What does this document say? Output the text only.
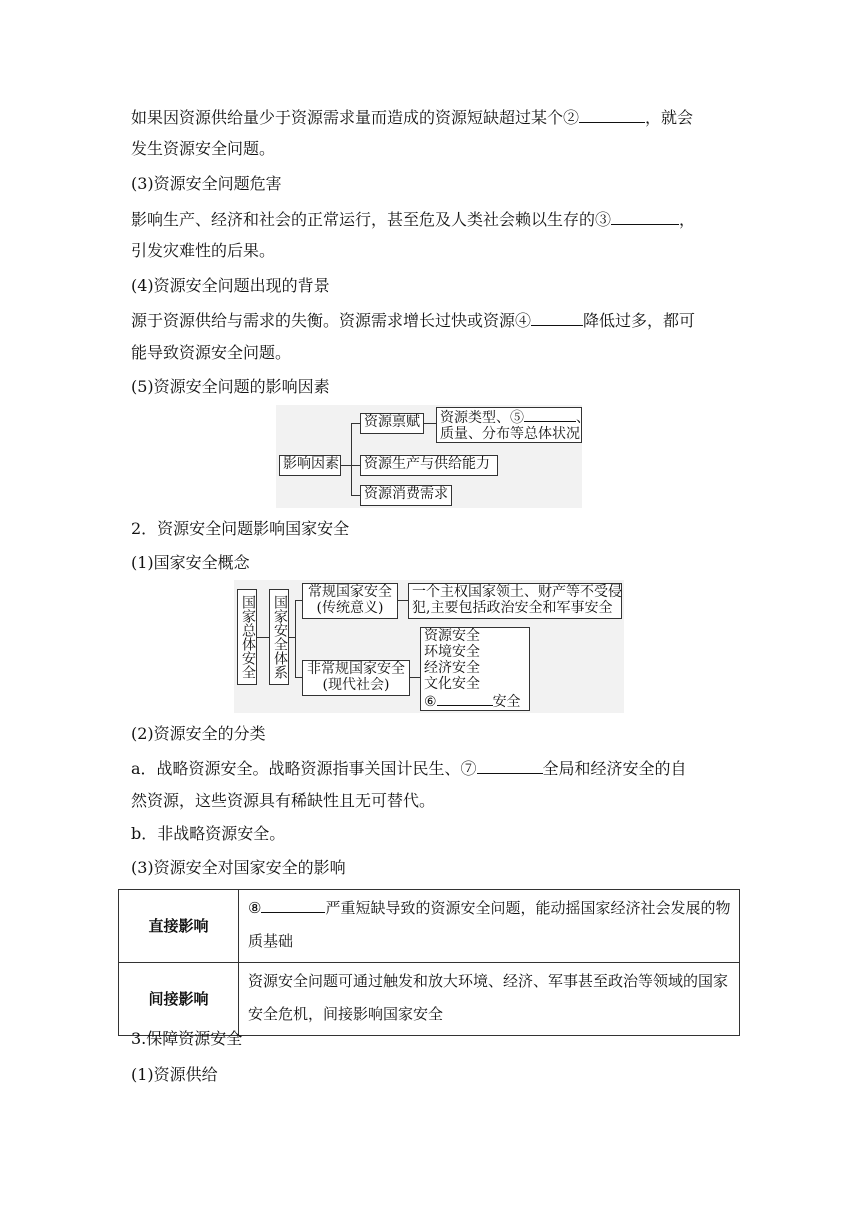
如果因资源供给量少于资源需求量而造成的资源短缺超过某个②	，就会
发生资源安全问题。
(3)资源安全问题危害
影响生产、经济和社会的正常运行，甚至危及人类社会赖以生存的③	，
引发灾难性的后果。
(4)资源安全问题出现的背景
源于资源供给与需求的失衡。资源需求增长过快或资源④	降低过多，都可
能导致资源安全问题。
(5)资源安全问题的影响因素
影响因素
资源禀赋 资源类型、⑤	、
质量、分布等总体状况
资源生产与供给能力
资源消费需求
2．资源安全问题影响国家安全
(1)国家安全概念
国家总体安全 国家安全体系
常规国家安全
(传统意义)
一个主权国家领土、财产等不受侵
犯,主要包括政治安全和军事安全
非常规国家安全
(现代社会)
资源安全
环境安全
经济安全
文化安全
⑥	安全
(2)资源安全的分类
a．战略资源安全。战略资源指事关国计民生、⑦	全局和经济安全的自
然资源，这些资源具有稀缺性且无可替代。
b．非战略资源安全。
(3)资源安全对国家安全的影响
直接影响	⑧ 严重短缺导致的资源安全问题，能动摇国家经济社会发展的物质基础
间接影响	资源安全问题可通过触发和放大环境、经济、军事甚至政治等领域的国家安全危机，间接影响国家安全
3.保障资源安全
(1)资源供给
